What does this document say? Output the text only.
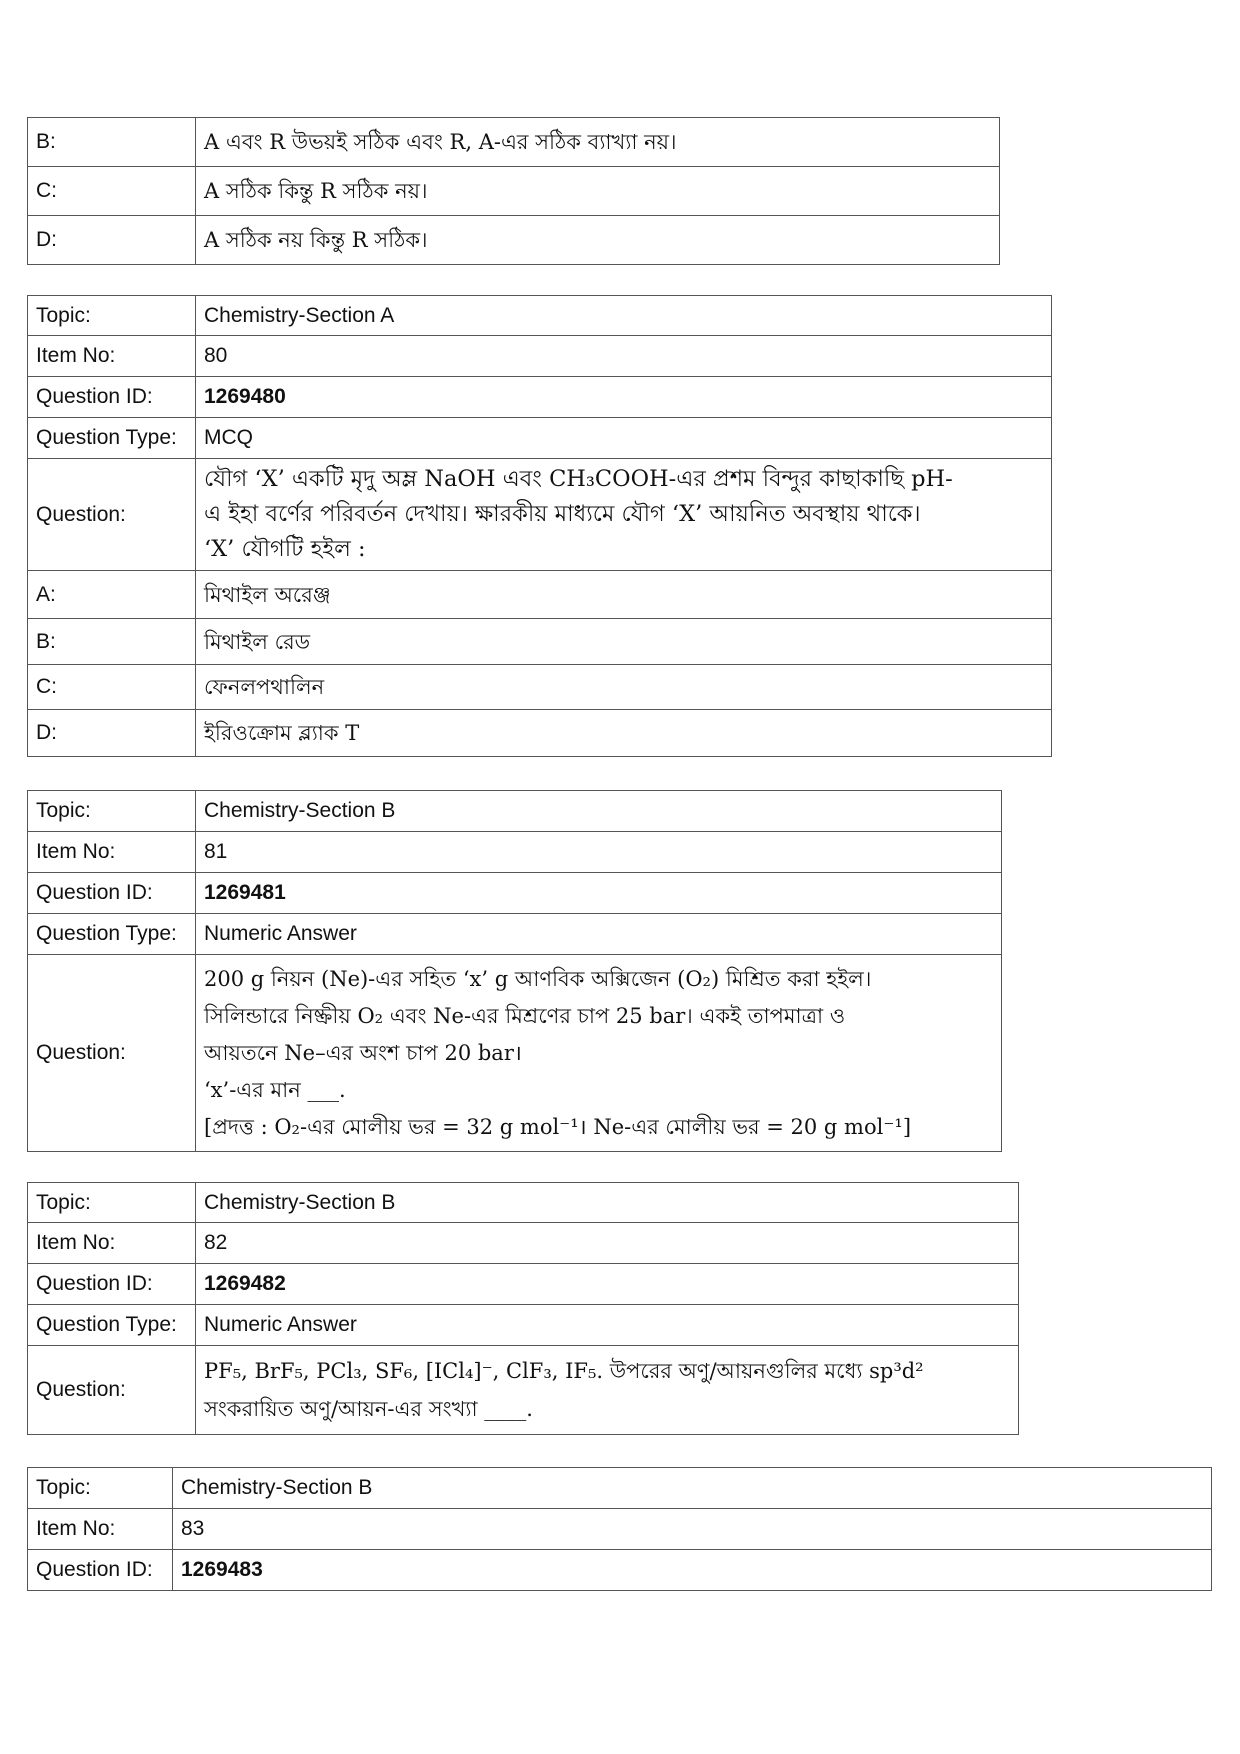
B:	A এবং R উভয়ই সঠিক এবং R, A-এর সঠিক ব্যাখ্যা নয়।
C:	A সঠিক কিন্তু R সঠিক নয়।
D:	A সঠিক নয় কিন্তু R সঠিক।
Topic:	Chemistry-Section A
Item No:	80
Question ID:	1269480
Question Type:	MCQ
Question:	যৌগ ‘X’ একটি মৃদু অম্ল NaOH এবং CH₃COOH-এর প্রশম বিন্দুর কাছাকাছি pH-
এ ইহা বর্ণের পরিবর্তন দেখায়। ক্ষারকীয় মাধ্যমে যৌগ ‘X’ আয়নিত অবস্থায় থাকে।
‘X’ যৌগটি হইল :

A:	মিথাইল অরেঞ্জ
B:	মিথাইল রেড
C:	ফেনলপথালিন
D:	ইরিওক্রোম ব্ল্যাক T
Topic:	Chemistry-Section B
Item No:	81
Question ID:	1269481
Question Type:	Numeric Answer
Question:	200 g নিয়ন (Ne)-এর সহিত ‘x’ g আণবিক অক্সিজেন (O₂) মিশ্রিত করা হইল।
সিলিন্ডারে নিষ্ক্রীয় O₂ এবং Ne-এর মিশ্রণের চাপ 25 bar। একই তাপমাত্রা ও
আয়তনে Ne–এর অংশ চাপ 20 bar।
‘x’-এর মান ___.
[প্রদত্ত : O₂-এর মোলীয় ভর = 32 g mol⁻¹। Ne-এর মোলীয় ভর = 20 g mol⁻¹]
Topic:	Chemistry-Section B
Item No:	82
Question ID:	1269482
Question Type:	Numeric Answer
Question:	PF₅, BrF₅, PCl₃, SF₆, [ICl₄]⁻, ClF₃, IF₅. উপরের অণু/আয়নগুলির মধ্যে sp³d²
সংকরায়িত অণু/আয়ন-এর সংখ্যা ____.
Topic:	Chemistry-Section B
Item No:	83
Question ID:	1269483
